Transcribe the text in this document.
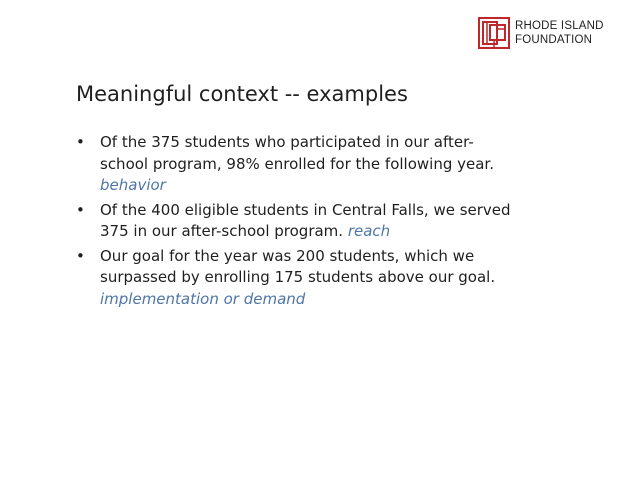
RHODE ISLAND
FOUNDATION
Meaningful context -- examples
• Of the 375 students who participated in our after-
school program, 98% enrolled for the following year.
behavior
• Of the 400 eligible students in Central Falls, we served
375 in our after-school program. reach
• Our goal for the year was 200 students, which we
surpassed by enrolling 175 students above our goal.
implementation or demand
